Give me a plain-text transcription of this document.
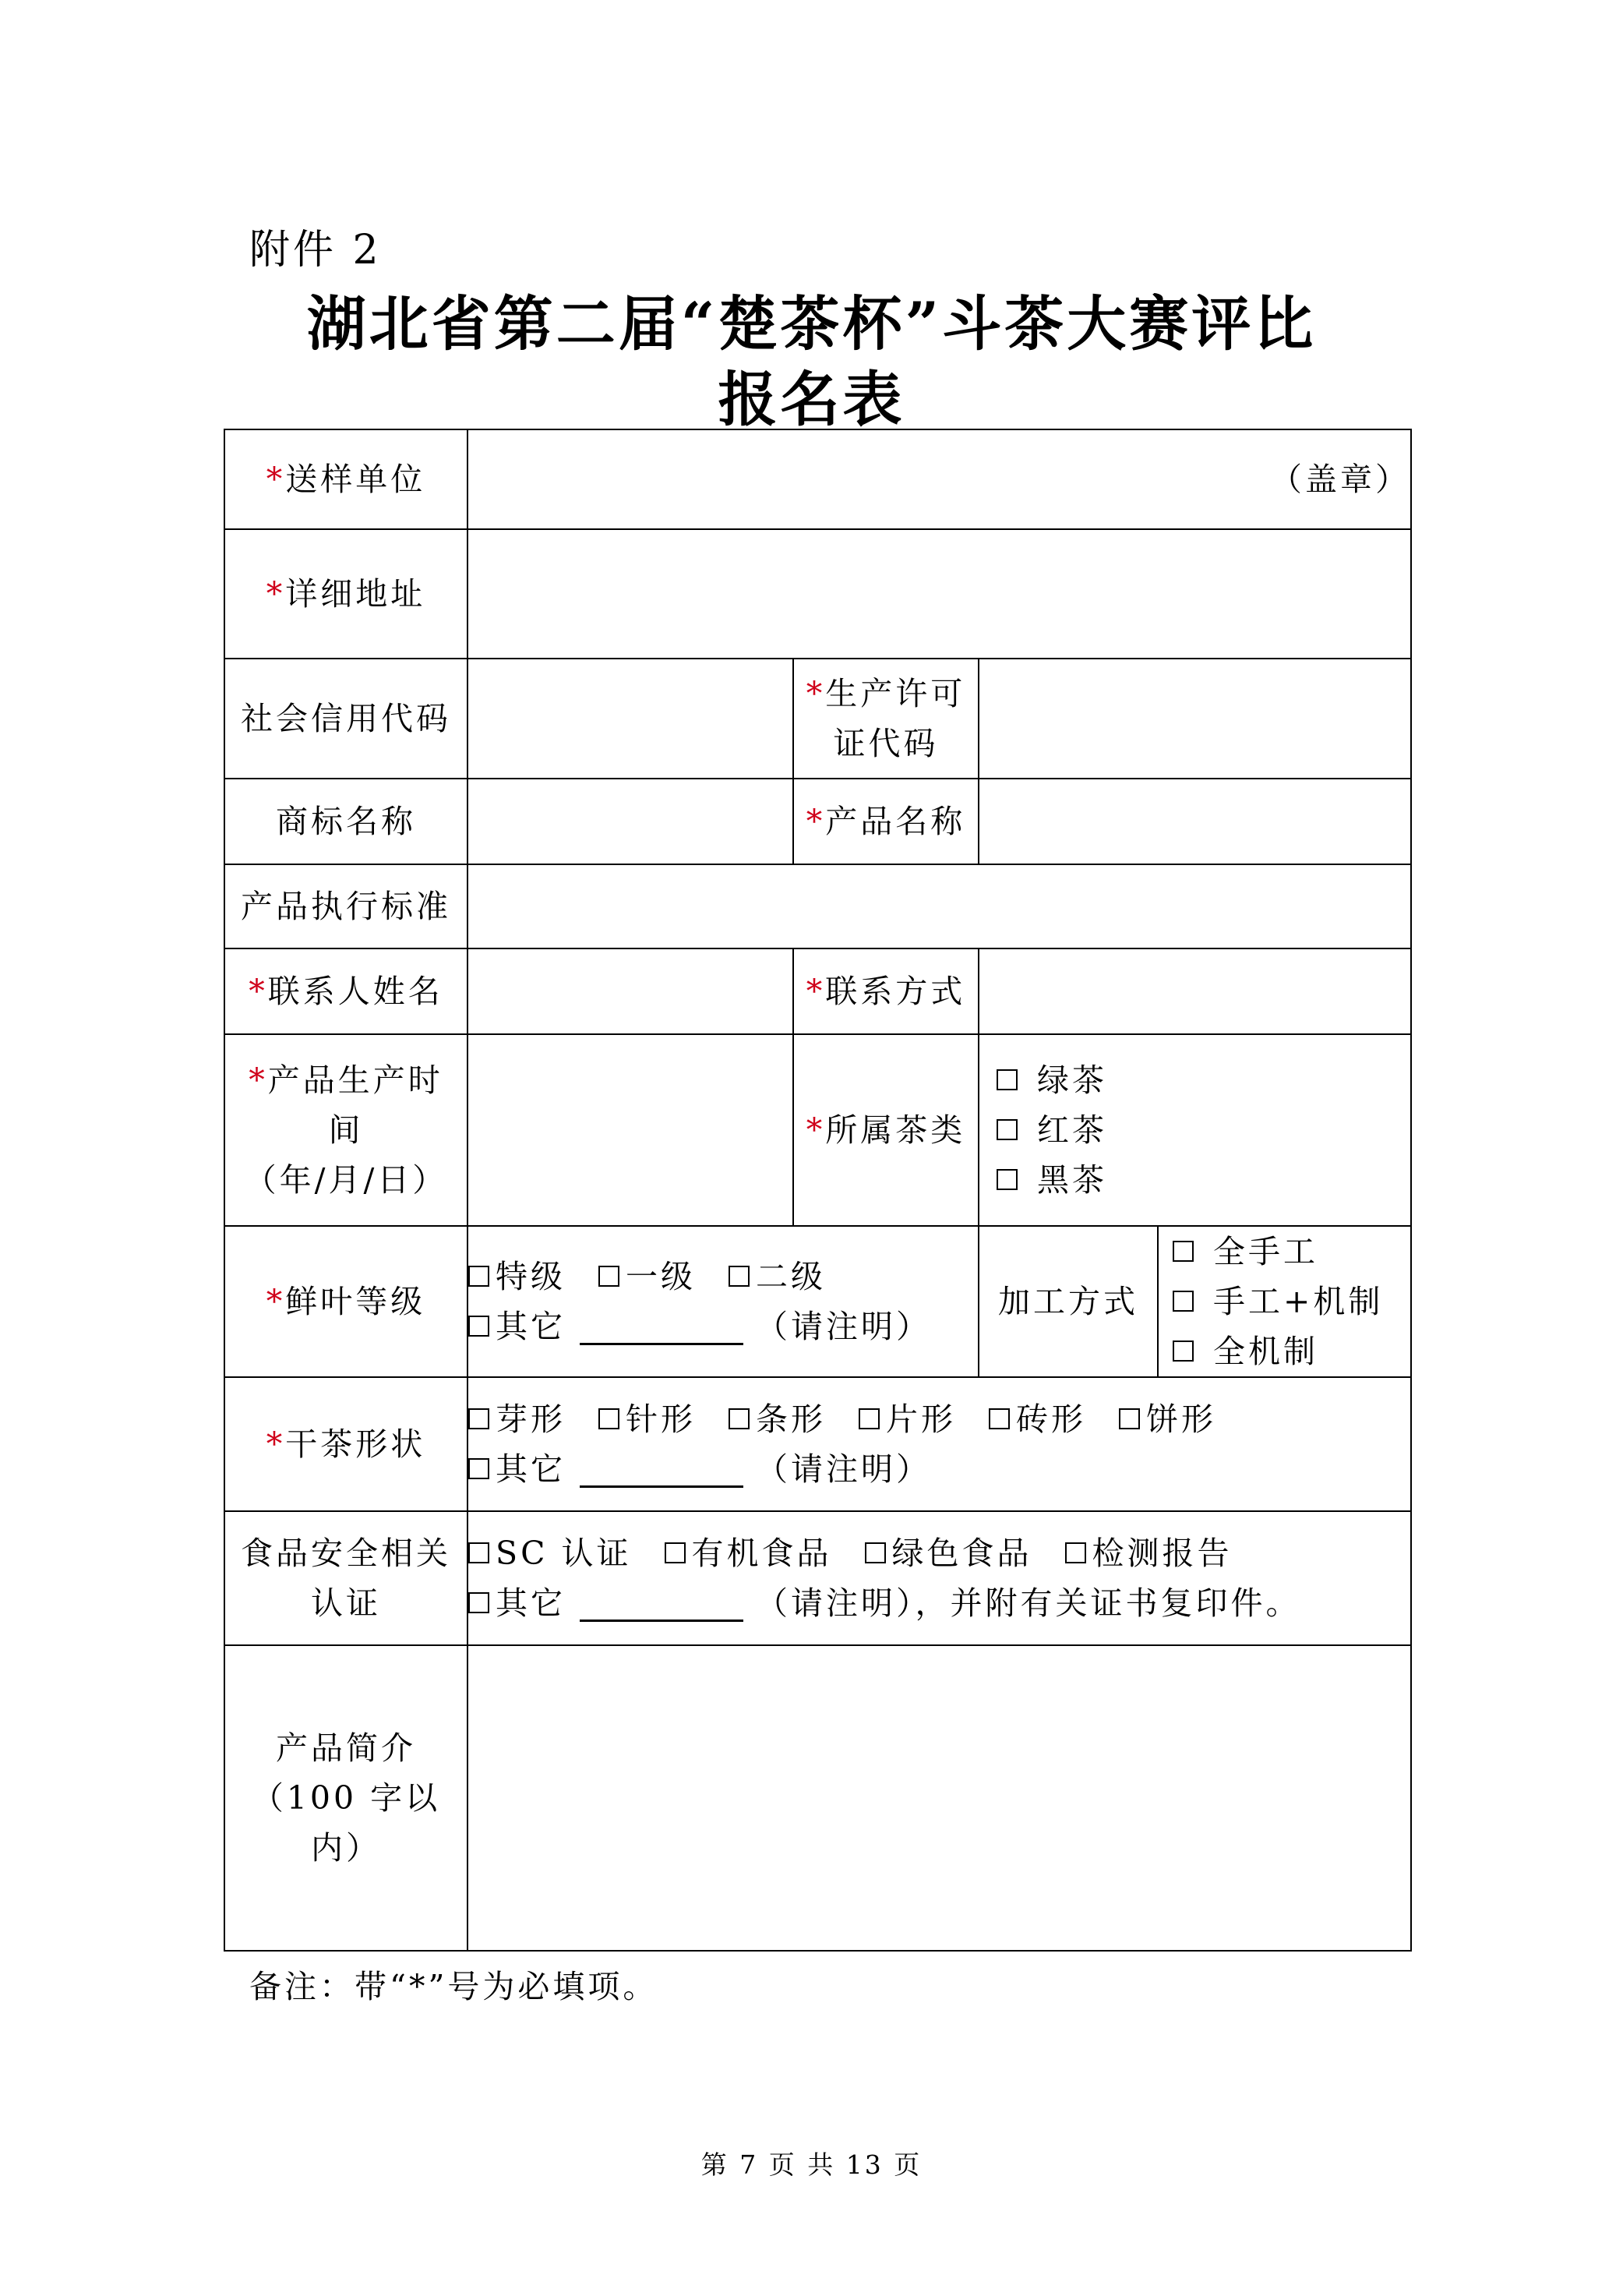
附件 2
湖北省第二届“楚茶杯”斗茶大赛评比
报名表
*送样单位	（盖章）			
*详细地址				
社会信用代码		*生产许可
证代码		

商标名称		*产品名称		
产品执行标准				
*联系人姓名		*联系方式		

*产品生产时
间
（年/月/日）		*所属茶类	绿茶
红茶
黑茶	

*鲜叶等级	特级 一级 二级
其它 （请注明）		加工方式	全手工
手工+机制
全机制

*干茶形状	芽形 针形 条形 片形 砖形 饼形
其它 （请注明）			

食品安全相关
认证	SC 认证 有机食品 绿色食品 检测报告
其它 （请注明），并附有关证书复印件。			

产品简介
（100 字以
内）				

备注：带“*”号为必填项。
第 7 页 共 13 页
